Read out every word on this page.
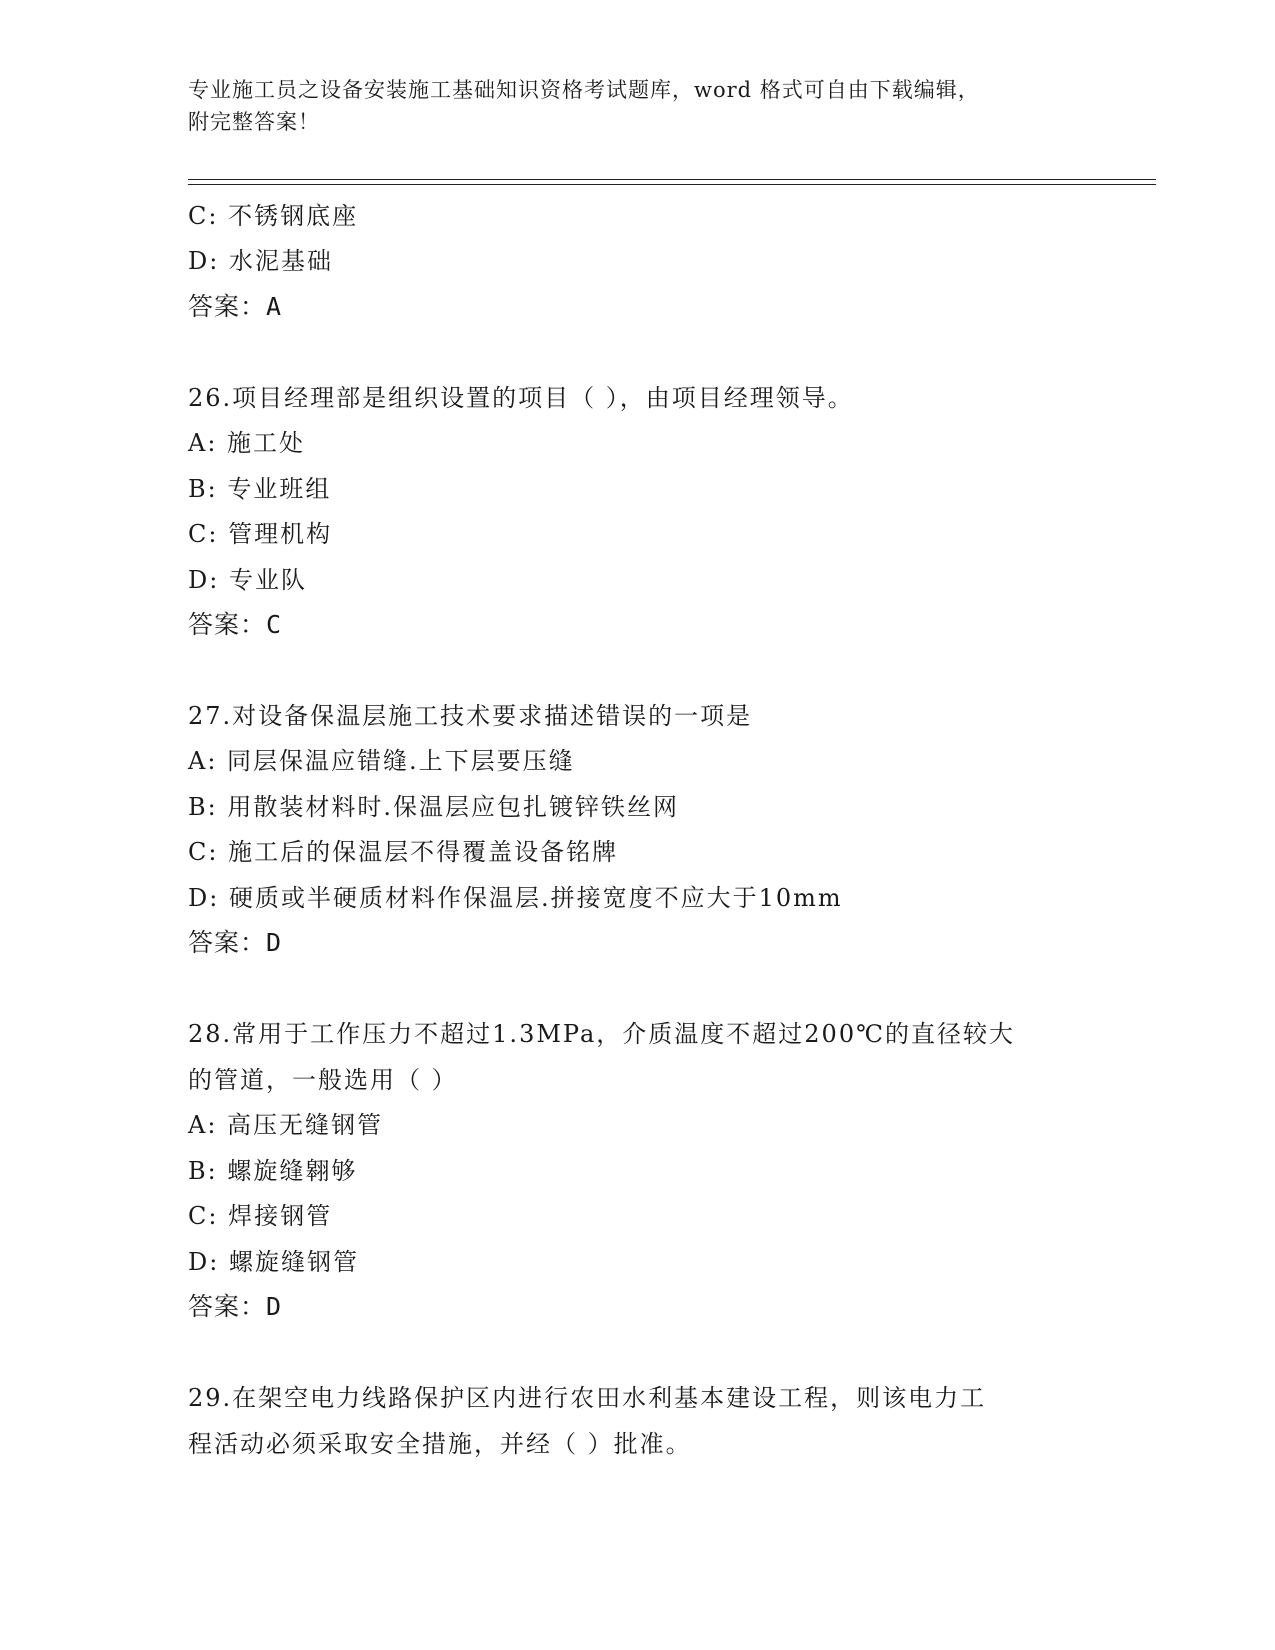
专业施工员之设备安装施工基础知识资格考试题库，word 格式可自由下载编辑，
附完整答案！
C: 不锈钢底座
D: 水泥基础
答案：A
26.项目经理部是组织设置的项目（ ），由项目经理领导。
A: 施工处
B: 专业班组
C: 管理机构
D: 专业队
答案：C
27.对设备保温层施工技术要求描述错误的一项是
A: 同层保温应错缝.上下层要压缝
B: 用散装材料时.保温层应包扎镀锌铁丝网
C: 施工后的保温层不得覆盖设备铭牌
D: 硬质或半硬质材料作保温层.拼接宽度不应大于10mm
答案：D
28.常用于工作压力不超过1.3MPa，介质温度不超过200℃的直径较大
的管道，一般选用（ ）
A: 高压无缝钢管
B: 螺旋缝翱够
C: 焊接钢管
D: 螺旋缝钢管
答案：D
29.在架空电力线路保护区内进行农田水利基本建设工程，则该电力工
程活动必须采取安全措施，并经（ ）批准。
